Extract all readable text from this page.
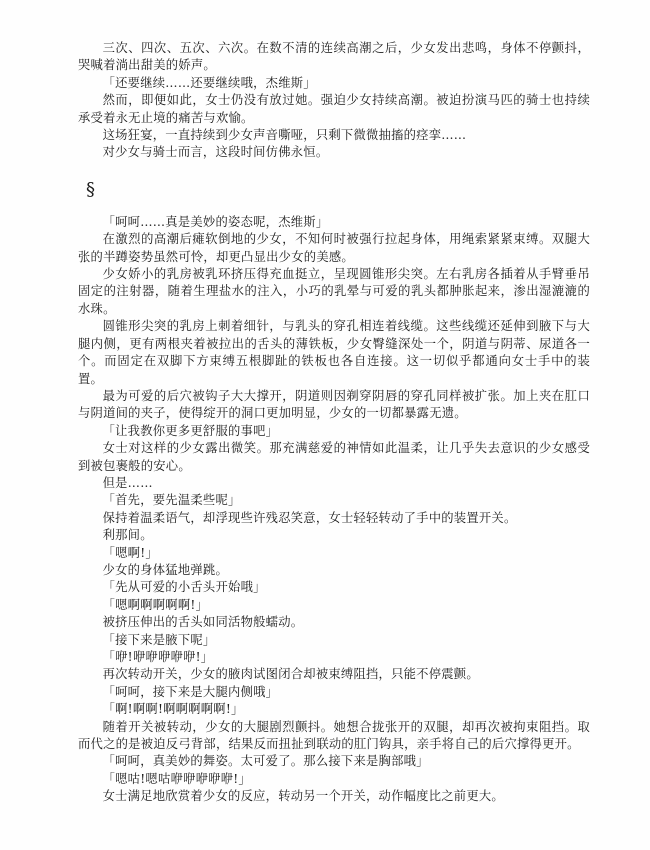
三次、四次、五次、六次。在数不清的连续高潮之后，少女发出悲鸣，身体不停颤抖，哭喊着淌出甜美的娇声。

「还要继续……还要继续哦，杰维斯」

然而，即便如此，女士仍没有放过她。强迫少女持续高潮。被迫扮演马匹的骑士也持续承受着永无止境的痛苦与欢愉。

这场狂宴，一直持续到少女声音嘶哑，只剩下微微抽搐的痉挛……

对少女与骑士而言，这段时间仿佛永恒。

§

「呵呵……真是美妙的姿态呢，杰维斯」

在激烈的高潮后瘫软倒地的少女，不知何时被强行拉起身体，用绳索紧紧束缚。双腿大张的半蹲姿势虽然可怜，却更凸显出少女的美感。

少女娇小的乳房被乳环挤压得充血挺立，呈现圆锥形尖突。左右乳房各插着从手臂垂吊固定的注射器，随着生理盐水的注入，小巧的乳晕与可爱的乳头都肿胀起来，渗出湿漉漉的水珠。

圆锥形尖突的乳房上刺着细针，与乳头的穿孔相连着线缆。这些线缆还延伸到腋下与大腿内侧，更有两根夹着被拉出的舌头的薄铁板，少女臀缝深处一个，阴道与阴蒂、尿道各一个。而固定在双脚下方束缚五根脚趾的铁板也各自连接。这一切似乎都通向女士手中的装置。

最为可爱的后穴被钩子大大撑开，阴道则因剃穿阴唇的穿孔同样被扩张。加上夹在肛口与阴道间的夹子，使得绽开的洞口更加明显，少女的一切都暴露无遗。

「让我教你更多更舒服的事吧」

女士对这样的少女露出微笑。那充满慈爱的神情如此温柔，让几乎失去意识的少女感受到被包裹般的安心。

但是……

「首先，要先温柔些呢」

保持着温柔语气，却浮现些许残忍笑意，女士轻轻转动了手中的装置开关。

利那间。

「嗯啊!」

少女的身体猛地弹跳。

「先从可爱的小舌头开始哦」

「嗯啊啊啊啊啊!」

被挤压伸出的舌头如同活物般蠕动。

「接下来是腋下呢」

「咿!咿咿咿咿咿!」

再次转动开关，少女的腋肉试图闭合却被束缚阻挡，只能不停震颤。

「呵呵，接下来是大腿内侧哦」

「啊!啊啊!啊啊啊啊啊!」

随着开关被转动，少女的大腿剧烈颤抖。她想合拢张开的双腿，却再次被拘束阻挡。取而代之的是被迫反弓背部，结果反而扭扯到联动的肛门钩具，亲手将自己的后穴撑得更开。

「呵呵，真美妙的舞姿。太可爱了。那么接下来是胸部哦」

「嗯咕!嗯咕咿咿咿咿咿!」

女士满足地欣赏着少女的反应，转动另一个开关，动作幅度比之前更大。
